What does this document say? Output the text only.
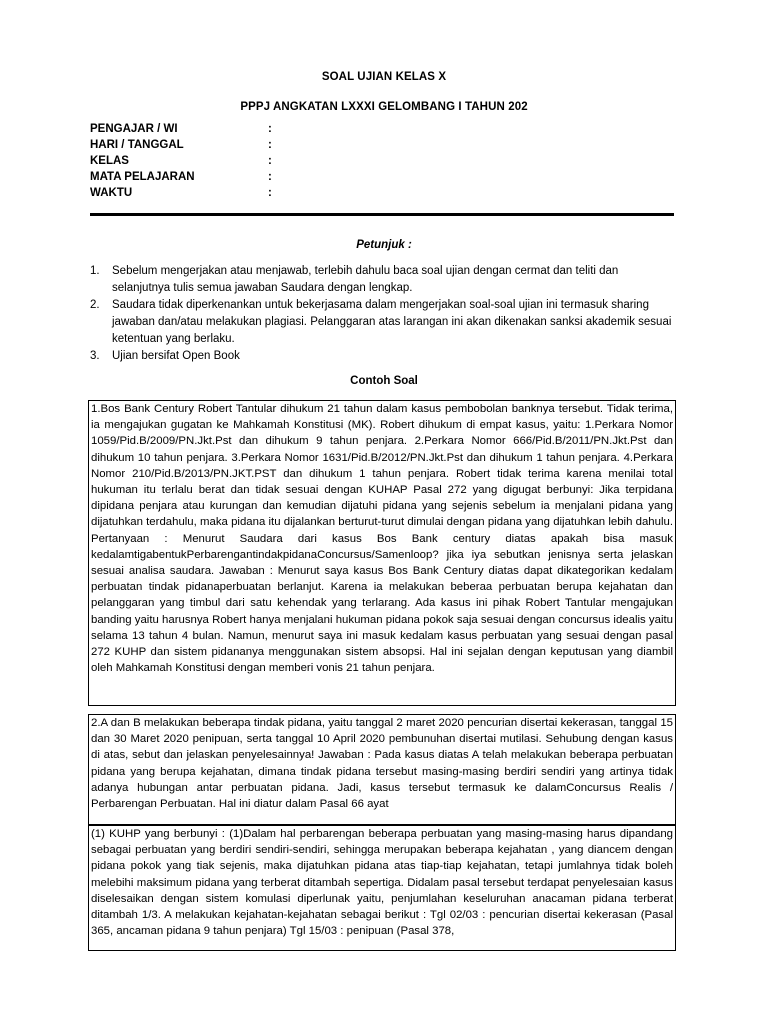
SOAL UJIAN KELAS X
PPPJ ANGKATAN LXXXI GELOMBANG I TAHUN 202
PENGAJAR / WI	:
HARI / TANGGAL	:
KELAS	:
MATA PELAJARAN	:
WAKTU	:
Petunjuk :
1.	Sebelum mengerjakan atau menjawab, terlebih dahulu baca soal ujian dengan cermat dan teliti dan selanjutnya tulis semua jawaban Saudara dengan lengkap.
2.	Saudara tidak diperkenankan untuk bekerjasama dalam mengerjakan soal-soal ujian ini termasuk sharing jawaban dan/atau melakukan plagiasi. Pelanggaran atas larangan ini akan dikenakan sanksi akademik sesuai ketentuan yang berlaku.
3.	Ujian bersifat Open Book
Contoh Soal
1.Bos Bank Century Robert Tantular dihukum 21 tahun dalam kasus pembobolan banknya tersebut. Tidak terima, ia mengajukan gugatan ke Mahkamah Konstitusi (MK). Robert dihukum di empat kasus, yaitu: 1.Perkara Nomor 1059/Pid.B/2009/PN.Jkt.Pst dan dihukum 9 tahun penjara. 2.Perkara Nomor 666/Pid.B/2011/PN.Jkt.Pst dan dihukum 10 tahun penjara. 3.Perkara Nomor 1631/Pid.B/2012/PN.Jkt.Pst dan dihukum 1 tahun penjara. 4.Perkara Nomor 210/Pid.B/2013/PN.JKT.PST dan dihukum 1 tahun penjara. Robert tidak terima karena menilai total hukuman itu terlalu berat dan tidak sesuai dengan KUHAP Pasal 272 yang digugat berbunyi: Jika terpidana dipidana penjara atau kurungan dan kemudian dijatuhi pidana yang sejenis sebelum ia menjalani pidana yang dijatuhkan terdahulu, maka pidana itu dijalankan berturut-turut dimulai dengan pidana yang dijatuhkan lebih dahulu. Pertanyaan : Menurut Saudara dari kasus Bos Bank century diatas apakah bisa masuk kedalamtigabentukPerbarengantindakpidanaConcursus/Samenloop? jika iya sebutkan jenisnya serta jelaskan sesuai analisa saudara. Jawaban : Menurut saya kasus Bos Bank Century diatas dapat dikategorikan kedalam perbuatan tindak pidanaperbuatan berlanjut. Karena ia melakukan beberaa perbuatan berupa kejahatan dan pelanggaran yang timbul dari satu kehendak yang terlarang. Ada kasus ini pihak Robert Tantular mengajukan banding yaitu harusnya Robert hanya menjalani hukuman pidana pokok saja sesuai dengan concursus idealis yaitu selama 13 tahun 4 bulan. Namun, menurut saya ini masuk kedalam kasus perbuatan yang sesuai dengan pasal 272 KUHP dan sistem pidananya menggunakan sistem absopsi. Hal ini sejalan dengan keputusan yang diambil oleh Mahkamah Konstitusi dengan memberi vonis 21 tahun penjara.
2.A dan B melakukan beberapa tindak pidana, yaitu tanggal 2 maret 2020 pencurian disertai kekerasan, tanggal 15 dan 30 Maret 2020 penipuan, serta tanggal 10 April 2020 pembunuhan disertai mutilasi. Sehubung dengan kasus di atas, sebut dan jelaskan penyelesainnya! Jawaban : Pada kasus diatas A telah melakukan beberapa perbuatan pidana yang berupa kejahatan, dimana tindak pidana tersebut masing-masing berdiri sendiri yang artinya tidak adanya hubungan antar perbuatan pidana. Jadi, kasus tersebut termasuk ke dalamConcursus Realis / Perbarengan Perbuatan. Hal ini diatur dalam Pasal 66 ayat
(1) KUHP yang berbunyi : (1)Dalam hal perbarengan beberapa perbuatan yang masing-masing harus dipandang sebagai perbuatan yang berdiri sendiri-sendiri, sehingga merupakan beberapa kejahatan , yang diancem dengan pidana pokok yang tiak sejenis, maka dijatuhkan pidana atas tiap-tiap kejahatan, tetapi jumlahnya tidak boleh melebihi maksimum pidana yang terberat ditambah sepertiga. Didalam pasal tersebut terdapat penyelesaian kasus diselesaikan dengan sistem komulasi diperlunak yaitu, penjumlahan keseluruhan anacaman pidana terberat ditambah 1/3. A melakukan kejahatan-kejahatan sebagai berikut : Tgl 02/03 : pencurian disertai kekerasan (Pasal 365, ancaman pidana 9 tahun penjara) Tgl 15/03 : penipuan (Pasal 378,
